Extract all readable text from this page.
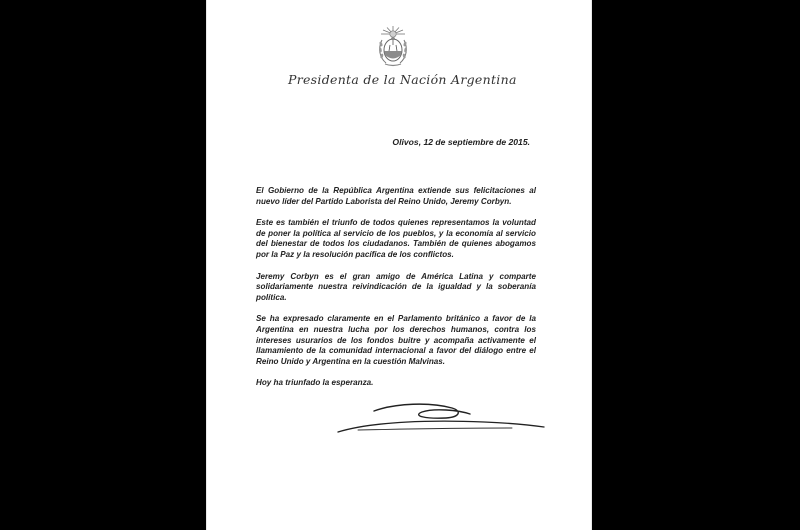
Presidenta de la Nación Argentina
Olivos, 12 de septiembre de 2015.

El Gobierno de la República Argentina extiende sus felicitaciones al nuevo líder del Partido Laborista del Reino Unido, Jeremy Corbyn.

Este es también el triunfo de todos quienes representamos la voluntad de poner la política al servicio de los pueblos, y la economía al servicio del bienestar de todos los ciudadanos. También de quienes abogamos por la Paz y la resolución pacífica de los conflictos.

Jeremy Corbyn es el gran amigo de América Latina y comparte solidariamente nuestra reivindicación de la igualdad y la soberanía política.

Se ha expresado claramente en el Parlamento británico a favor de la Argentina en nuestra lucha por los derechos humanos, contra los intereses usurarios de los fondos buitre y acompaña activamente el llamamiento de la comunidad internacional a favor del diálogo entre el Reino Unido y Argentina en la cuestión Malvinas.

Hoy ha triunfado la esperanza.
